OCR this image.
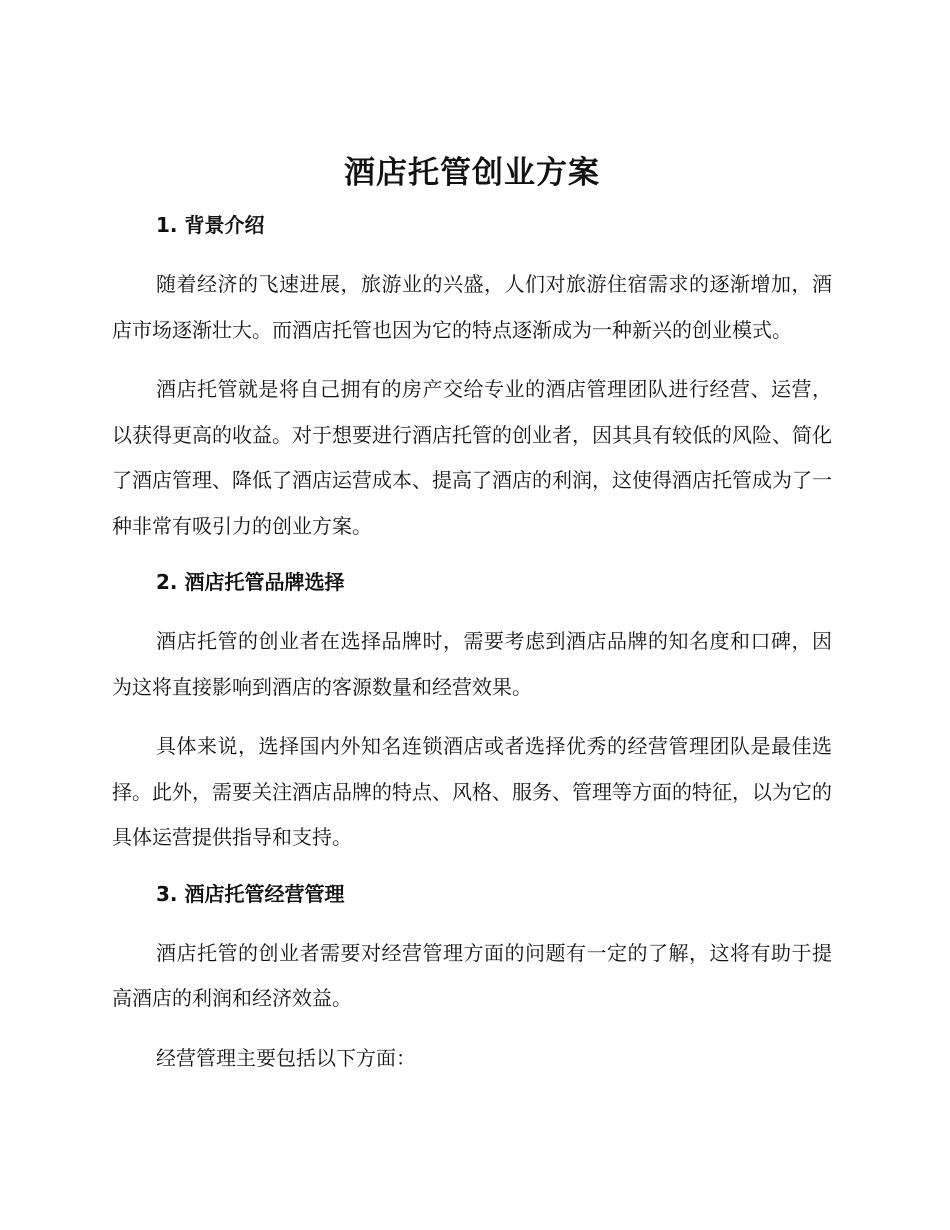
酒店托管创业方案
1. 背景介绍

随着经济的飞速进展，旅游业的兴盛，人们对旅游住宿需求的逐渐增加，酒店市场逐渐壮大。而酒店托管也因为它的特点逐渐成为一种新兴的创业模式。

酒店托管就是将自己拥有的房产交给专业的酒店管理团队进行经营、运营，以获得更高的收益。对于想要进行酒店托管的创业者，因其具有较低的风险、简化了酒店管理、降低了酒店运营成本、提高了酒店的利润，这使得酒店托管成为了一种非常有吸引力的创业方案。

2. 酒店托管品牌选择

酒店托管的创业者在选择品牌时，需要考虑到酒店品牌的知名度和口碑，因为这将直接影响到酒店的客源数量和经营效果。

具体来说，选择国内外知名连锁酒店或者选择优秀的经营管理团队是最佳选择。此外，需要关注酒店品牌的特点、风格、服务、管理等方面的特征，以为它的具体运营提供指导和支持。

3. 酒店托管经营管理

酒店托管的创业者需要对经营管理方面的问题有一定的了解，这将有助于提高酒店的利润和经济效益。

经营管理主要包括以下方面：
